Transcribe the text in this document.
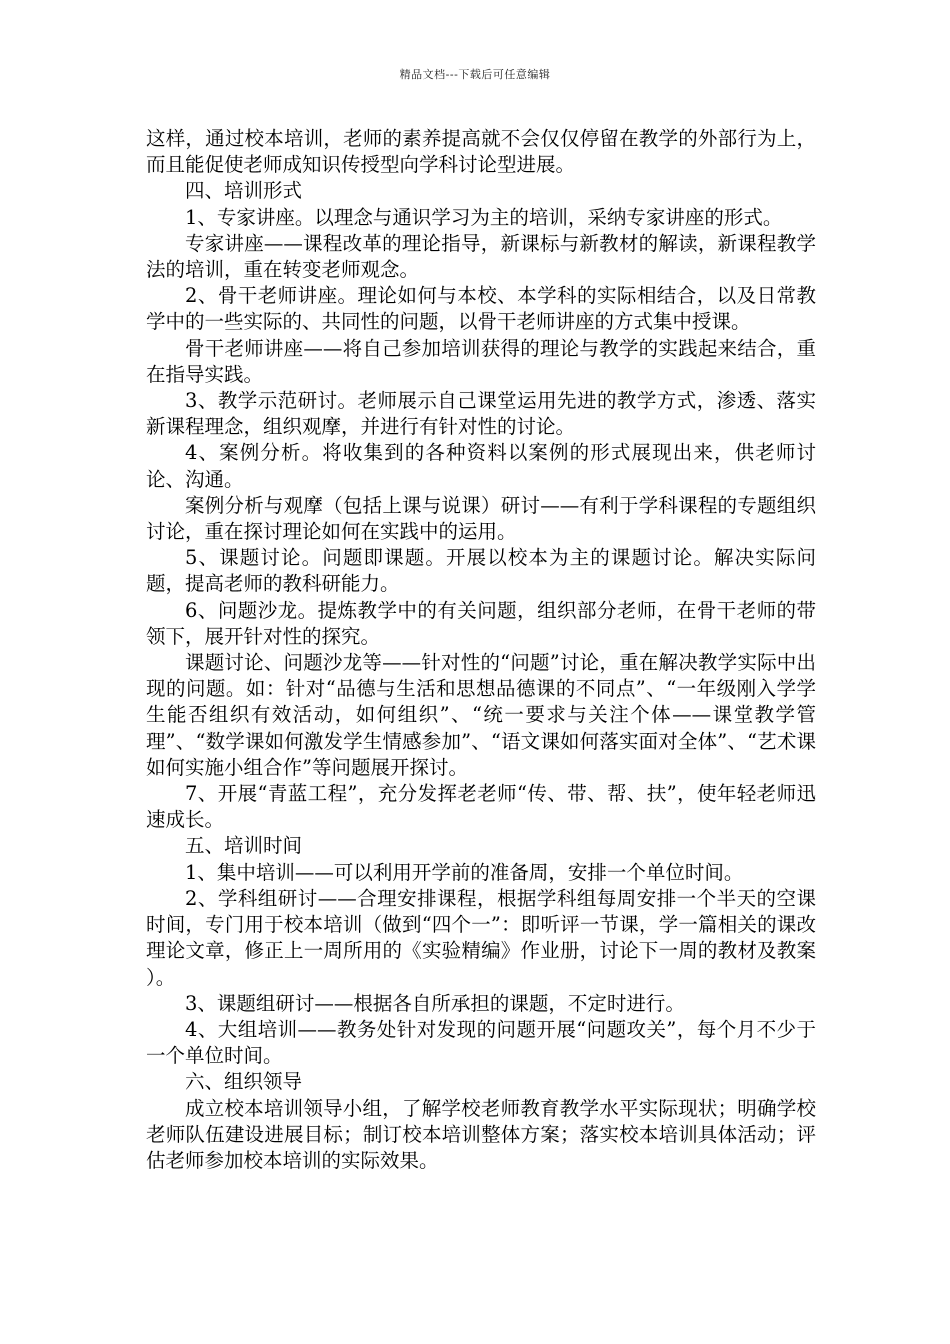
精品文档---下载后可任意编辑

这样，通过校本培训，老师的素养提高就不会仅仅停留在教学的外部行为上，而且能促使老师成知识传授型向学科讨论型进展。

四、培训形式

1、专家讲座。以理念与通识学习为主的培训，采纳专家讲座的形式。

专家讲座——课程改革的理论指导，新课标与新教材的解读，新课程教学法的培训，重在转变老师观念。

2、骨干老师讲座。理论如何与本校、本学科的实际相结合，以及日常教学中的一些实际的、共同性的问题，以骨干老师讲座的方式集中授课。

骨干老师讲座——将自己参加培训获得的理论与教学的实践起来结合，重在指导实践。

3、教学示范研讨。老师展示自己课堂运用先进的教学方式，渗透、落实新课程理念，组织观摩，并进行有针对性的讨论。

4、案例分析。将收集到的各种资料以案例的形式展现出来，供老师讨论、沟通。

案例分析与观摩（包括上课与说课）研讨——有利于学科课程的专题组织讨论，重在探讨理论如何在实践中的运用。

5、课题讨论。问题即课题。开展以校本为主的课题讨论。解决实际问题，提高老师的教科研能力。

6、问题沙龙。提炼教学中的有关问题，组织部分老师，在骨干老师的带领下，展开针对性的探究。

课题讨论、问题沙龙等——针对性的“问题”讨论，重在解决教学实际中出现的问题。如：针对“品德与生活和思想品德课的不同点”、“一年级刚入学学生能否组织有效活动，如何组织”、“统一要求与关注个体——课堂教学管理”、“数学课如何激发学生情感参加”、“语文课如何落实面对全体”、“艺术课如何实施小组合作”等问题展开探讨。

7、开展“青蓝工程”，充分发挥老老师“传、带、帮、扶”，使年轻老师迅速成长。

五、培训时间

1、集中培训——可以利用开学前的准备周，安排一个单位时间。

2、学科组研讨——合理安排课程，根据学科组每周安排一个半天的空课时间，专门用于校本培训（做到“四个一”：即听评一节课，学一篇相关的课改理论文章，修正上一周所用的《实验精编》作业册，讨论下一周的教材及教案 ）。

3、课题组研讨——根据各自所承担的课题，不定时进行。

4、大组培训——教务处针对发现的问题开展“问题攻关”，每个月不少于一个单位时间。

六、组织领导

成立校本培训领导小组，了解学校老师教育教学水平实际现状；明确学校老师队伍建设进展目标；制订校本培训整体方案；落实校本培训具体活动；评估老师参加校本培训的实际效果。
